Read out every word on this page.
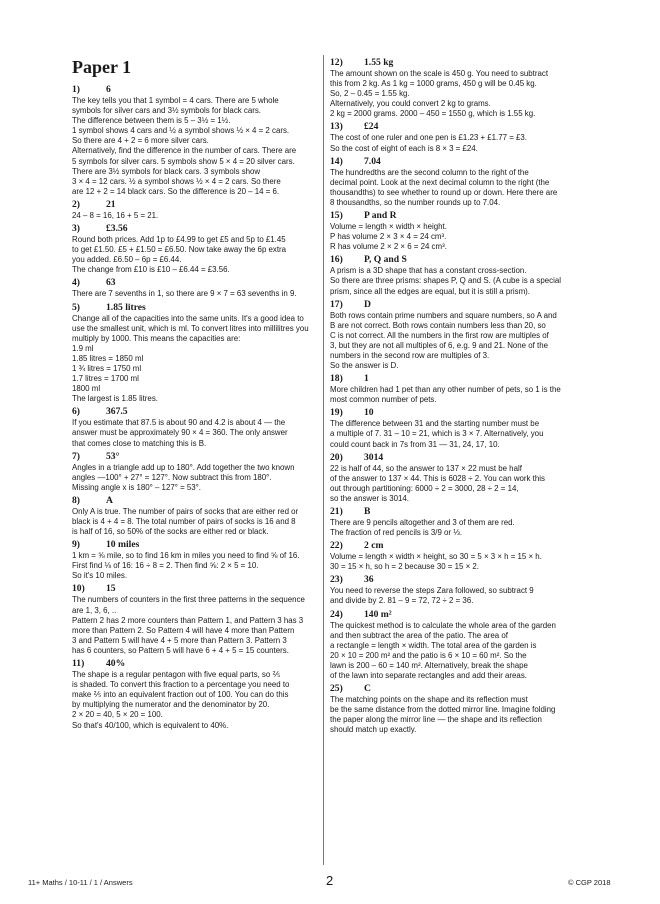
Paper 1
1)	6
The key tells you that 1 symbol = 4 cars. There are 5 whole
symbols for silver cars and 3½ symbols for black cars.
The difference between them is 5 – 3½ = 1½.
1 symbol shows 4 cars and ½ a symbol shows ½ × 4 = 2 cars.
So there are 4 + 2 = 6 more silver cars.
Alternatively, find the difference in the number of cars. There are
5 symbols for silver cars. 5 symbols show 5 × 4 = 20 silver cars.
There are 3½ symbols for black cars. 3 symbols show
3 × 4 = 12 cars. ½ a symbol shows ½ × 4 = 2 cars. So there
are 12 + 2 = 14 black cars. So the difference is 20 – 14 = 6.
2)	21
24 – 8 = 16, 16 + 5 = 21.
3)	£3.56
Round both prices. Add 1p to £4.99 to get £5 and 5p to £1.45
to get £1.50. £5 + £1.50 = £6.50. Now take away the 6p extra
you added. £6.50 – 6p = £6.44.
The change from £10 is £10 – £6.44 = £3.56.
4)	63
There are 7 sevenths in 1, so there are 9 × 7 = 63 sevenths in 9.
5)	1.85 litres
Change all of the capacities into the same units. It's a good idea to
use the smallest unit, which is ml. To convert litres into millilitres you
multiply by 1000. This means the capacities are:
1.9 ml
1.85 litres = 1850 ml
1 ¾ litres = 1750 ml
1.7 litres = 1700 ml
1800 ml
The largest is 1.85 litres.
6)	367.5
If you estimate that 87.5 is about 90 and 4.2 is about 4 — the
answer must be approximately 90 × 4 = 360. The only answer
that comes close to matching this is B.
7)	53°
Angles in a triangle add up to 180°. Add together the two known
angles —100° + 27° = 127°. Now subtract this from 180°.
Missing angle x is 180° – 127° = 53°.
8)	A
Only A is true. The number of pairs of socks that are either red or
black is 4 + 4 = 8. The total number of pairs of socks is 16 and 8
is half of 16, so 50% of the socks are either red or black.
9)	10 miles
1 km = ⅝ mile, so to find 16 km in miles you need to find ⅝ of 16.
First find ⅛ of 16: 16 ÷ 8 = 2. Then find ⅝: 2 × 5 = 10.
So it's 10 miles.
10) 15
The numbers of counters in the first three patterns in the sequence
are 1, 3, 6, ..
Pattern 2 has 2 more counters than Pattern 1, and Pattern 3 has 3
more than Pattern 2. So Pattern 4 will have 4 more than Pattern
3 and Pattern 5 will have 4 + 5 more than Pattern 3. Pattern 3
has 6 counters, so Pattern 5 will have 6 + 4 + 5 = 15 counters.
11) 40%
The shape is a regular pentagon with five equal parts, so ⅖
is shaded. To convert this fraction to a percentage you need to
make ⅖ into an equivalent fraction out of 100. You can do this
by multiplying the numerator and the denominator by 20.
2 × 20 = 40, 5 × 20 = 100.
So that's 40/100, which is equivalent to 40%.
12) 1.55 kg
The amount shown on the scale is 450 g. You need to subtract
this from 2 kg. As 1 kg = 1000 grams, 450 g will be 0.45 kg.
So, 2 – 0.45 = 1.55 kg.
Alternatively, you could convert 2 kg to grams.
2 kg = 2000 grams. 2000 – 450 = 1550 g, which is 1.55 kg.
13) £24
The cost of one ruler and one pen is £1.23 + £1.77 = £3.
So the cost of eight of each is 8 × 3 = £24.
14) 7.04
The hundredths are the second column to the right of the
decimal point. Look at the next decimal column to the right (the
thousandths) to see whether to round up or down. Here there are
8 thousandths, so the number rounds up to 7.04.
15) P and R
Volume = length × width × height.
P has volume 2 × 3 × 4 = 24 cm³.
R has volume 2 × 2 × 6 = 24 cm³.
16) P, Q and S
A prism is a 3D shape that has a constant cross-section.
So there are three prisms: shapes P, Q and S. (A cube is a special
prism, since all the edges are equal, but it is still a prism).
17) D
Both rows contain prime numbers and square numbers, so A and
B are not correct. Both rows contain numbers less than 20, so
C is not correct. All the numbers in the first row are multiples of
3, but they are not all multiples of 6, e.g. 9 and 21. None of the
numbers in the second row are multiples of 3.
So the answer is D.
18) 1
More children had 1 pet than any other number of pets, so 1 is the
most common number of pets.
19) 10
The difference between 31 and the starting number must be
a multiple of 7. 31 – 10 = 21, which is 3 × 7. Alternatively, you
could count back in 7s from 31 — 31, 24, 17, 10.
20) 3014
22 is half of 44, so the answer to 137 × 22 must be half
of the answer to 137 × 44. This is 6028 ÷ 2. You can work this
out through partitioning: 6000 ÷ 2 = 3000, 28 ÷ 2 = 14,
so the answer is 3014.
21) B
There are 9 pencils altogether and 3 of them are red.
The fraction of red pencils is 3/9 or ⅓.
22) 2 cm
Volume = length × width × height, so 30 = 5 × 3 × h = 15 × h.
30 = 15 × h, so h = 2 because 30 = 15 × 2.
23) 36
You need to reverse the steps Zara followed, so subtract 9
and divide by 2. 81 – 9 = 72, 72 ÷ 2 = 36.
24) 140 m²
The quickest method is to calculate the whole area of the garden
and then subtract the area of the patio. The area of
a rectangle = length × width. The total area of the garden is
20 × 10 = 200 m² and the patio is 6 × 10 = 60 m². So the
lawn is 200 – 60 = 140 m². Alternatively, break the shape
of the lawn into separate rectangles and add their areas.
25) C
The matching points on the shape and its reflection must
be the same distance from the dotted mirror line. Imagine folding
the paper along the mirror line — the shape and its reflection
should match up exactly.
11+ Maths / 10-11 / 1 / Answers	2	© CGP 2018
